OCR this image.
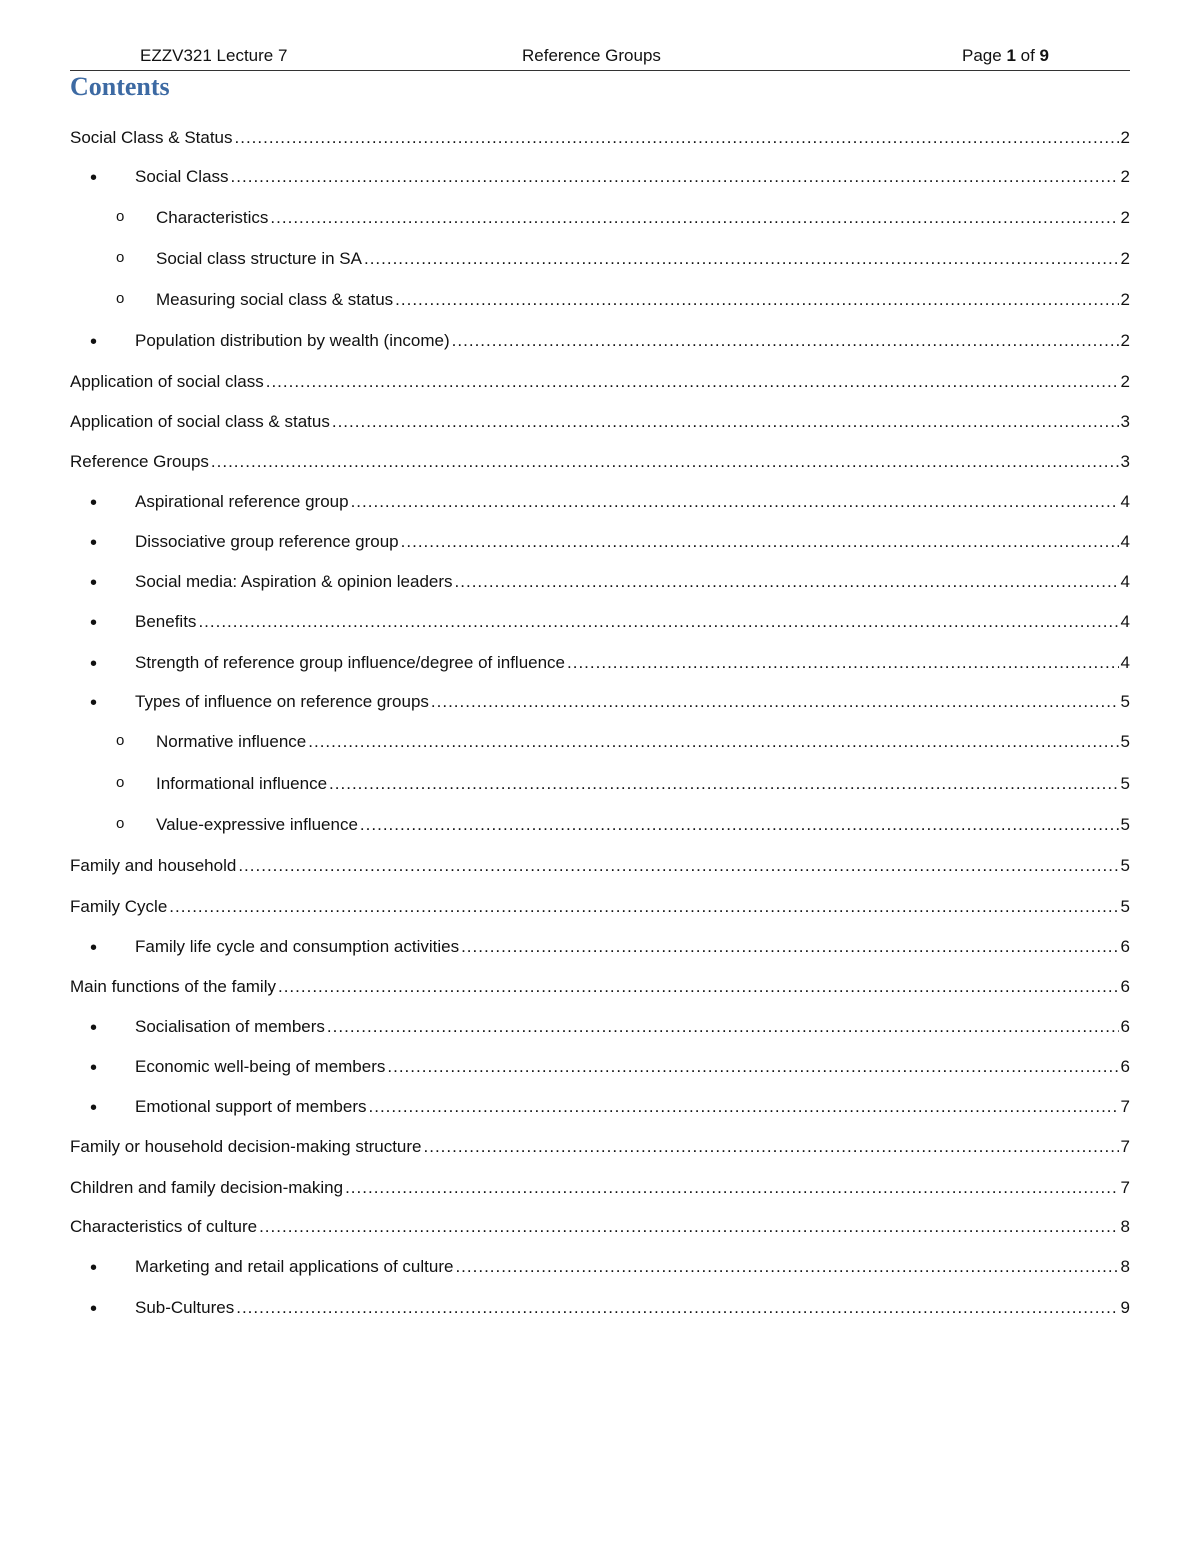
EZZV321 Lecture 7	Reference Groups	Page 1 of 9
Contents
Social Class & Status .....	2
• Social Class .....	2
o Characteristics .....	2
o Social class structure in SA .....	2
o Measuring social class & status .....	2
• Population distribution by wealth (income) .....	2
Application of social class .....	2
Application of social class & status .....	3
Reference Groups .....	3
• Aspirational reference group .....	4
• Dissociative group reference group .....	4
• Social media: Aspiration & opinion leaders .....	4
• Benefits .....	4
• Strength of reference group influence/degree of influence .....	4
• Types of influence on reference groups .....	5
o Normative influence .....	5
o Informational influence .....	5
o Value-expressive influence .....	5
Family and household .....	5
Family Cycle .....	5
• Family life cycle and consumption activities .....	6
Main functions of the family .....	6
• Socialisation of members .....	6
• Economic well-being of members .....	6
• Emotional support of members .....	7
Family or household decision-making structure .....	7
Children and family decision-making .....	7
Characteristics of culture .....	8
• Marketing and retail applications of culture .....	8
• Sub-Cultures .....	9
